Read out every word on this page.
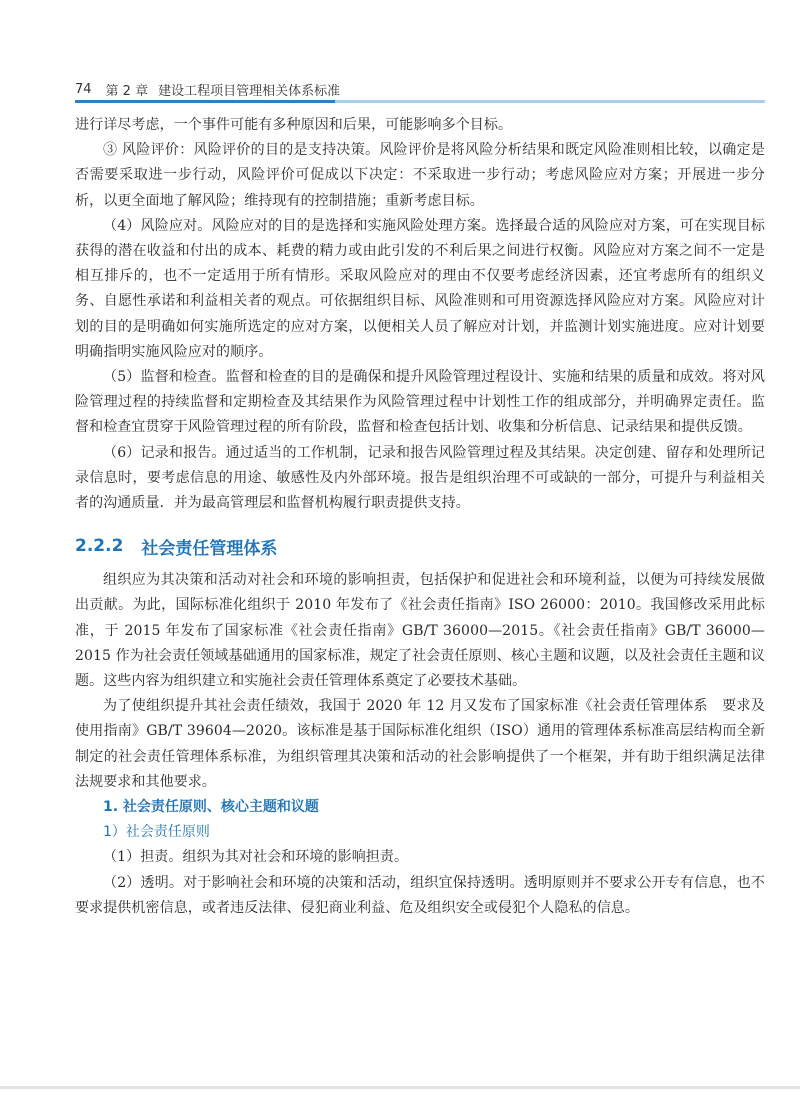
74 第 2 章 建设工程项目管理相关体系标准

进行详尽考虑，一个事件可能有多种原因和后果，可能影响多个目标。

③ 风险评价：风险评价的目的是支持决策。风险评价是将风险分析结果和既定风险准则相比较，以确定是否需要采取进一步行动，风险评价可促成以下决定：不采取进一步行动；考虑风险应对方案；开展进一步分析，以更全面地了解风险；维持现有的控制措施；重新考虑目标。

（4）风险应对。风险应对的目的是选择和实施风险处理方案。选择最合适的风险应对方案，可在实现目标获得的潜在收益和付出的成本、耗费的精力或由此引发的不利后果之间进行权衡。风险应对方案之间不一定是相互排斥的，也不一定适用于所有情形。采取风险应对的理由不仅要考虑经济因素，还宜考虑所有的组织义务、自愿性承诺和利益相关者的观点。可依据组织目标、风险准则和可用资源选择风险应对方案。风险应对计划的目的是明确如何实施所选定的应对方案，以便相关人员了解应对计划，并监测计划实施进度。应对计划要明确指明实施风险应对的顺序。

（5）监督和检查。监督和检查的目的是确保和提升风险管理过程设计、实施和结果的质量和成效。将对风险管理过程的持续监督和定期检查及其结果作为风险管理过程中计划性工作的组成部分，并明确界定责任。监督和检查宜贯穿于风险管理过程的所有阶段，监督和检查包括计划、收集和分析信息、记录结果和提供反馈。

（6）记录和报告。通过适当的工作机制，记录和报告风险管理过程及其结果。决定创建、留存和处理所记录信息时，要考虑信息的用途、敏感性及内外部环境。报告是组织治理不可或缺的一部分，可提升与利益相关者的沟通质量．并为最高管理层和监督机构履行职责提供支持。

2.2.2 社会责任管理体系

组织应为其决策和活动对社会和环境的影响担责，包括保护和促进社会和环境利益，以便为可持续发展做出贡献。为此，国际标准化组织于 2010 年发布了《社会责任指南》ISO 26000：2010。我国修改采用此标准，于 2015 年发布了国家标准《社会责任指南》GB/T 36000—2015。《社会责任指南》GB/T 36000—2015 作为社会责任领域基础通用的国家标准，规定了社会责任原则、核心主题和议题，以及社会责任主题和议题。这些内容为组织建立和实施社会责任管理体系奠定了必要技术基础。

为了使组织提升其社会责任绩效，我国于 2020 年 12 月又发布了国家标准《社会责任管理体系　要求及使用指南》GB/T 39604—2020。该标准是基于国际标准化组织（ISO）通用的管理体系标准高层结构而全新制定的社会责任管理体系标准，为组织管理其决策和活动的社会影响提供了一个框架，并有助于组织满足法律法规要求和其他要求。

1. 社会责任原则、核心主题和议题

1）社会责任原则

（1）担责。组织为其对社会和环境的影响担责。

（2）透明。对于影响社会和环境的决策和活动，组织宜保持透明。透明原则并不要求公开专有信息，也不要求提供机密信息，或者违反法律、侵犯商业利益、危及组织安全或侵犯个人隐私的信息。
